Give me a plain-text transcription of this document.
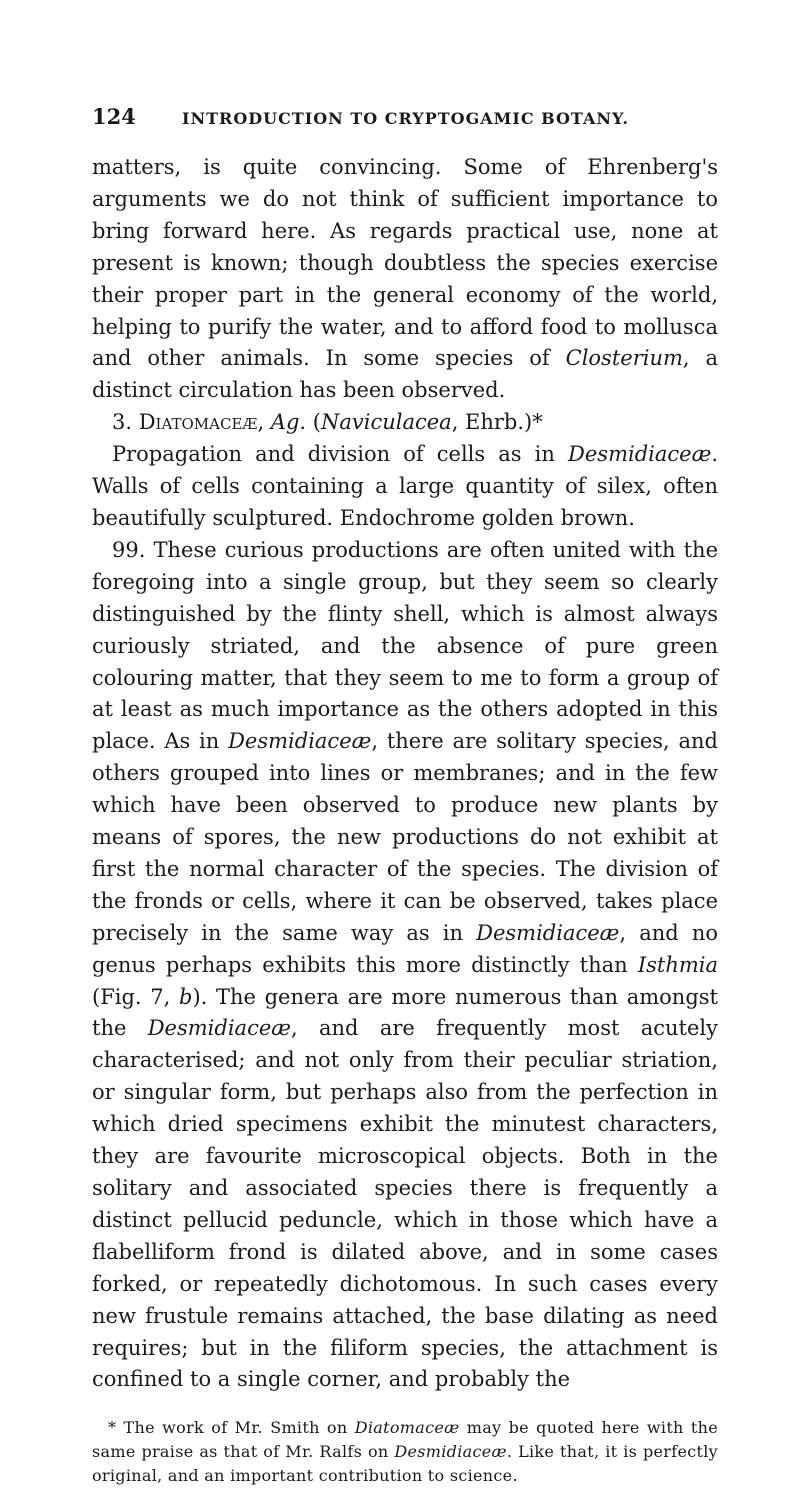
124	INTRODUCTION TO CRYPTOGAMIC BOTANY.

matters, is quite convincing. Some of Ehrenberg's arguments we do not think of sufficient importance to bring forward here. As regards practical use, none at present is known; though doubtless the species exercise their proper part in the general economy of the world, helping to purify the water, and to afford food to mollusca and other animals. In some species of Closterium, a distinct circulation has been observed.

3. Diatomaceæ, Ag. (Naviculacea, Ehrb.)*

Propagation and division of cells as in Desmidiaceæ. Walls of cells containing a large quantity of silex, often beautifully sculptured. Endochrome golden brown.

99. These curious productions are often united with the foregoing into a single group, but they seem so clearly distinguished by the flinty shell, which is almost always curiously striated, and the absence of pure green colouring matter, that they seem to me to form a group of at least as much importance as the others adopted in this place. As in Desmidiaceæ, there are solitary species, and others grouped into lines or membranes; and in the few which have been observed to produce new plants by means of spores, the new productions do not exhibit at first the normal character of the species. The division of the fronds or cells, where it can be observed, takes place precisely in the same way as in Desmidiaceæ, and no genus perhaps exhibits this more distinctly than Isthmia (Fig. 7, b). The genera are more numerous than amongst the Desmidiaceæ, and are frequently most acutely characterised; and not only from their peculiar striation, or singular form, but perhaps also from the perfection in which dried specimens exhibit the minutest characters, they are favourite microscopical objects. Both in the solitary and associated species there is frequently a distinct pellucid peduncle, which in those which have a flabelliform frond is dilated above, and in some cases forked, or repeatedly dichotomous. In such cases every new frustule remains attached, the base dilating as need requires; but in the filiform species, the attachment is confined to a single corner, and probably the

* The work of Mr. Smith on Diatomaceæ may be quoted here with the same praise as that of Mr. Ralfs on Desmidiaceæ. Like that, it is perfectly original, and an important contribution to science.
